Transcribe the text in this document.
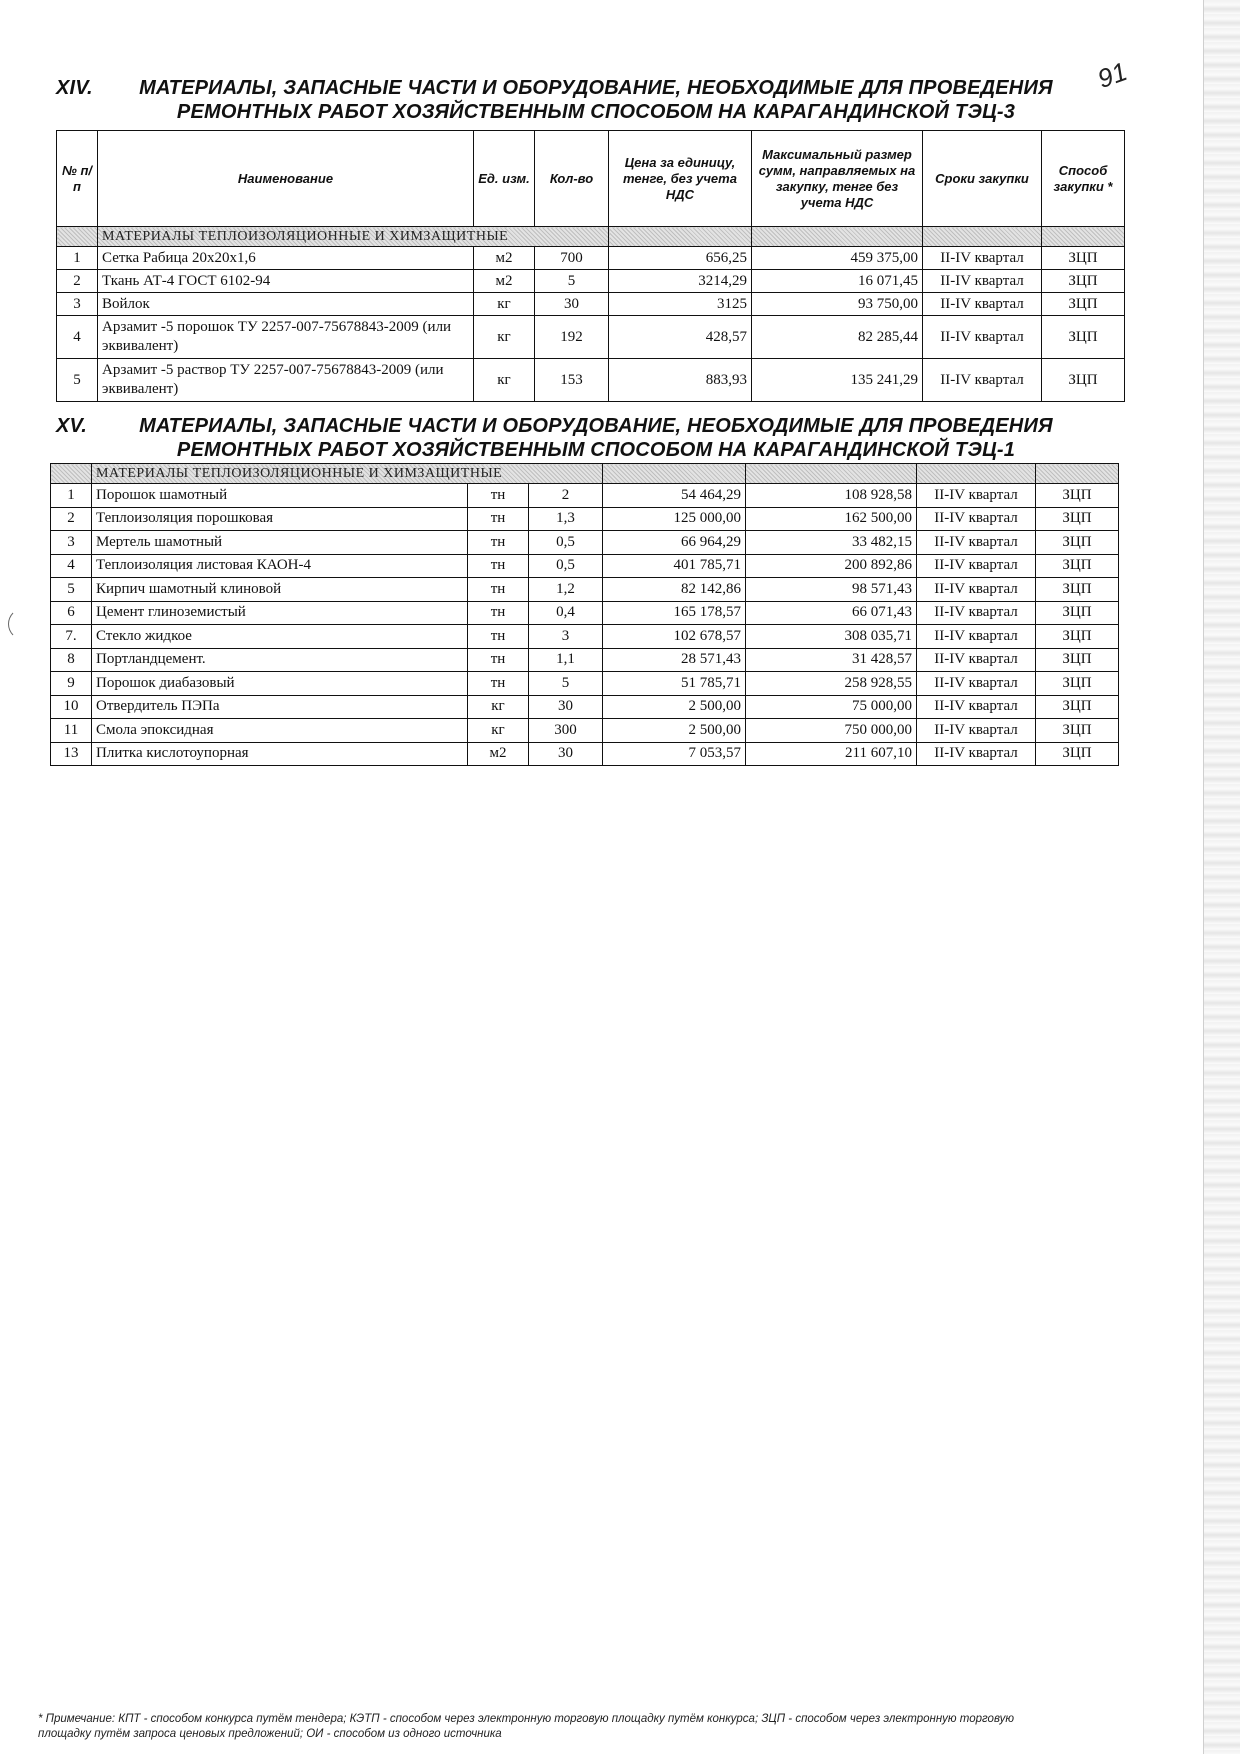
91
XIV.	МАТЕРИАЛЫ, ЗАПАСНЫЕ ЧАСТИ И ОБОРУДОВАНИЕ, НЕОБХОДИМЫЕ ДЛЯ ПРОВЕДЕНИЯ
РЕМОНТНЫХ РАБОТ ХОЗЯЙСТВЕННЫМ СПОСОБОМ НА КАРАГАНДИНСКОЙ ТЭЦ-3
№ п/п	Наименование	Ед. изм.	Кол-во	Цена за единицу, тенге, без учета НДС	Максимальный размер сумм, направляемых на закупку, тенге без учета НДС	Сроки закупки	Способ закупки *
	МАТЕРИАЛЫ ТЕПЛОИЗОЛЯЦИОННЫЕ И ХИМЗАЩИТНЫЕ						
1	Сетка Рабица 20х20х1,6	м2	700	656,25	459 375,00	II-IV квартал	ЗЦП
2	Ткань АТ-4 ГОСТ 6102-94	м2	5	3214,29	16 071,45	II-IV квартал	ЗЦП
3	Войлок	кг	30	3125	93 750,00	II-IV квартал	ЗЦП
4	Арзамит -5 порошок ТУ 2257-007-75678843-2009 (или эквивалент)	кг	192	428,57	82 285,44	II-IV квартал	ЗЦП
5	Арзамит -5 раствор ТУ 2257-007-75678843-2009 (или эквивалент)	кг	153	883,93	135 241,29	II-IV квартал	ЗЦП
XV.	МАТЕРИАЛЫ, ЗАПАСНЫЕ ЧАСТИ И ОБОРУДОВАНИЕ, НЕОБХОДИМЫЕ ДЛЯ ПРОВЕДЕНИЯ
РЕМОНТНЫХ РАБОТ ХОЗЯЙСТВЕННЫМ СПОСОБОМ НА КАРАГАНДИНСКОЙ ТЭЦ-1
	МАТЕРИАЛЫ ТЕПЛОИЗОЛЯЦИОННЫЕ И ХИМЗАЩИТНЫЕ						
1	Порошок шамотный	тн	2	54 464,29	108 928,58	II-IV квартал	ЗЦП
2	Теплоизоляция порошковая	тн	1,3	125 000,00	162 500,00	II-IV квартал	ЗЦП
3	Мертель шамотный	тн	0,5	66 964,29	33 482,15	II-IV квартал	ЗЦП
4	Теплоизоляция листовая КАОН-4	тн	0,5	401 785,71	200 892,86	II-IV квартал	ЗЦП
5	Кирпич шамотный клиновой	тн	1,2	82 142,86	98 571,43	II-IV квартал	ЗЦП
6	Цемент глиноземистый	тн	0,4	165 178,57	66 071,43	II-IV квартал	ЗЦП
7.	Стекло жидкое	тн	3	102 678,57	308 035,71	II-IV квартал	ЗЦП
8	Портландцемент.	тн	1,1	28 571,43	31 428,57	II-IV квартал	ЗЦП
9	Порошок диабазовый	тн	5	51 785,71	258 928,55	II-IV квартал	ЗЦП
10	Отвердитель ПЭПа	кг	30	2 500,00	75 000,00	II-IV квартал	ЗЦП
11	Смола эпоксидная	кг	300	2 500,00	750 000,00	II-IV квартал	ЗЦП
13	Плитка кислотоупорная	м2	30	7 053,57	211 607,10	II-IV квартал	ЗЦП
* Примечание: КПТ - способом конкурса путём тендера; КЭТП - способом через электронную торговую площадку путём конкурса; ЗЦП - способом через электронную торговую
площадку путём запроса ценовых предложений; ОИ - способом из одного источника
